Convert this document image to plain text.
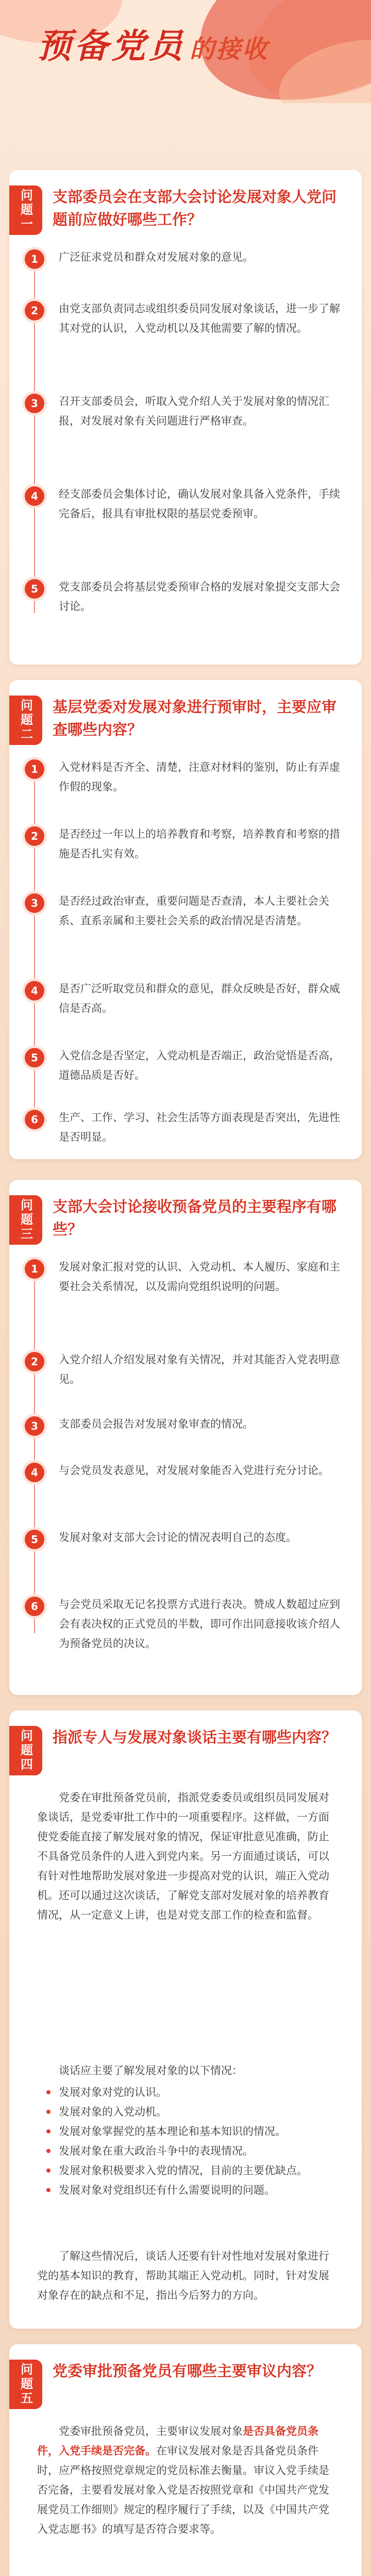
预备党员 的接收
问题一 支部委员会在支部大会讨论发展对象人党问题前应做好哪些工作？
1	广泛征求党员和群众对发展对象的意见。
2	由党支部负责同志或组织委员同发展对象谈话，进一步了解其对党的认识，入党动机以及其他需要了解的情况。
3	召开支部委员会，听取入党介绍人关于发展对象的情况汇报，对发展对象有关问题进行严格审查。
4	经支部委员会集体讨论，确认发展对象具备入党条件，手续完备后，报具有审批权限的基层党委预审。
5	党支部委员会将基层党委预审合格的发展对象提交支部大会讨论。
问题二 基层党委对发展对象进行预审时，主要应审查哪些内容？
1	入党材料是否齐全、清楚，注意对材料的鉴别，防止有弄虚作假的现象。
2	是否经过一年以上的培养教育和考察，培养教育和考察的措施是否扎实有效。
3	是否经过政治审查，重要问题是否查清，本人主要社会关系、直系亲属和主要社会关系的政治情况是否清楚。
4	是否广泛听取党员和群众的意见，群众反映是否好，群众威信是否高。
5	入党信念是否坚定，入党动机是否端正，政治觉悟是否高，道德品质是否好。
6	生产、工作、学习、社会生活等方面表现是否突出，先进性是否明显。
问题三 支部大会讨论接收预备党员的主要程序有哪些？
1	发展对象汇报对党的认识、入党动机、本人履历、家庭和主要社会关系情况，以及需向党组织说明的问题。
2	入党介绍人介绍发展对象有关情况，并对其能否入党表明意见。
3	支部委员会报告对发展对象审查的情况。
4	与会党员发表意见，对发展对象能否入党进行充分讨论。
5	发展对象对支部大会讨论的情况表明自己的态度。
6	与会党员采取无记名投票方式进行表决。赞成人数超过应到会有表决权的正式党员的半数，即可作出同意接收该介绍人为预备党员的决议。
问题四 指派专人与发展对象谈话主要有哪些内容？
党委在审批预备党员前，指派党委委员或组织员同发展对象谈话，是党委审批工作中的一项重要程序。这样做，一方面使党委能直接了解发展对象的情况，保证审批意见准确，防止不具备党员条件的人进入到党内来。另一方面通过谈话，可以有针对性地帮助发展对象进一步提高对党的认识，端正入党动机。还可以通过这次谈话，了解党支部对发展对象的培养教育情况，从一定意义上讲，也是对党支部工作的检查和监督。
谈话应主要了解发展对象的以下情况：
发展对象对党的认识。
发展对象的入党动机。
发展对象掌握党的基本理论和基本知识的情况。
发展对象在重大政治斗争中的表现情况。
发展对象积极要求入党的情况，目前的主要优缺点。
发展对象对党组织还有什么需要说明的问题。
了解这些情况后，谈话人还要有针对性地对发展对象进行党的基本知识的教育，帮助其端正入党动机。同时，针对发展对象存在的缺点和不足，指出今后努力的方向。
问题五 党委审批预备党员有哪些主要审议内容？
党委审批预备党员，主要审议发展对象是否具备党员条件，入党手续是否完备。在审议发展对象是否具备党员条件时，应严格按照党章规定的党员标准去衡量。审议入党手续是否完备，主要看发展对象入党是否按照党章和《中国共产党发展党员工作细则》规定的程序履行了手续，以及《中国共产党入党志愿书》的填写是否符合要求等。
